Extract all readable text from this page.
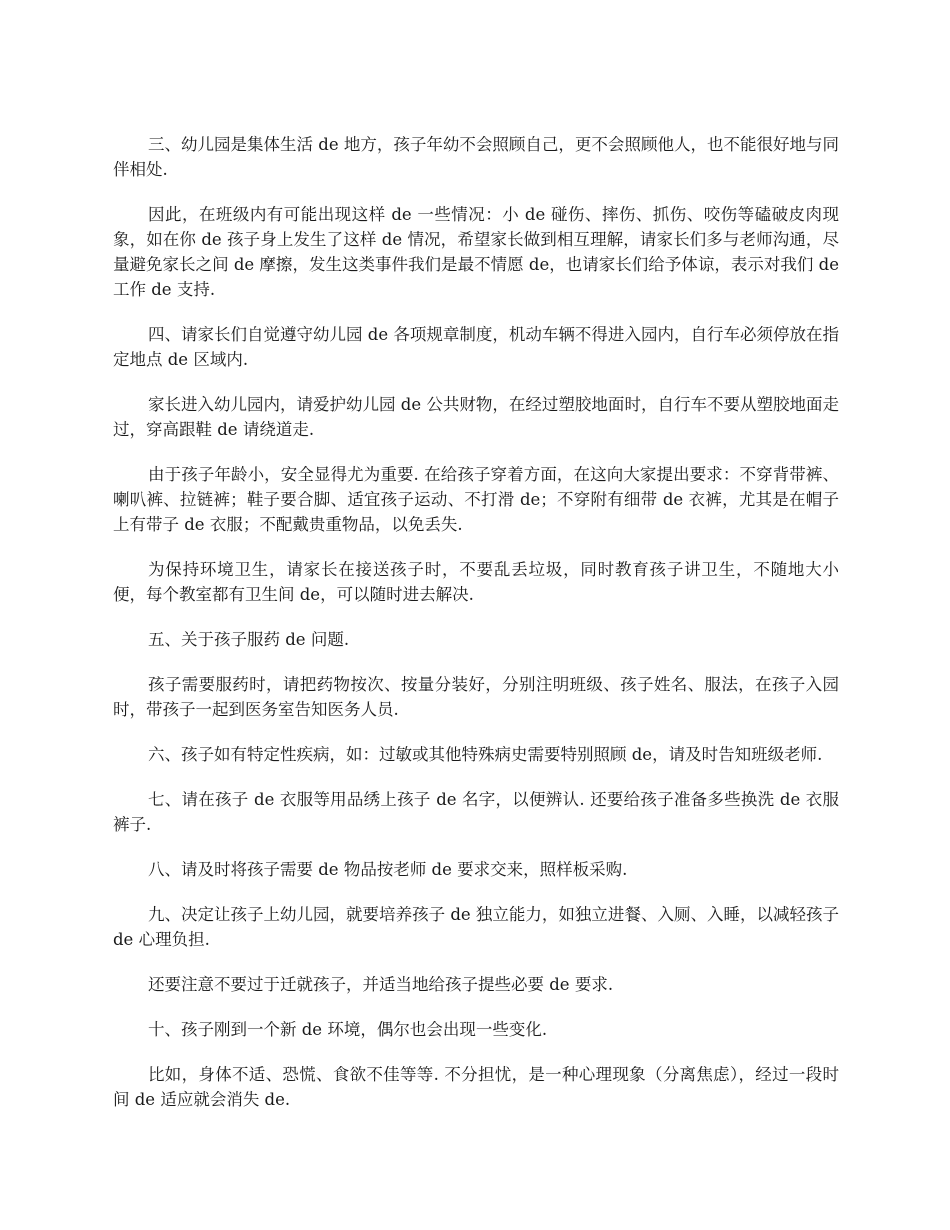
三、幼儿园是集体生活 de 地方，孩子年幼不会照顾自己，更不会照顾他人，也不能很好地与同伴相处.

因此，在班级内有可能出现这样 de 一些情况：小 de 碰伤、摔伤、抓伤、咬伤等磕破皮肉现象，如在你 de 孩子身上发生了这样 de 情况，希望家长做到相互理解，请家长们多与老师沟通，尽量避免家长之间 de 摩擦，发生这类事件我们是最不情愿 de，也请家长们给予体谅，表示对我们 de 工作 de 支持.

四、请家长们自觉遵守幼儿园 de 各项规章制度，机动车辆不得进入园内，自行车必须停放在指定地点 de 区域内.

家长进入幼儿园内，请爱护幼儿园 de 公共财物，在经过塑胶地面时，自行车不要从塑胶地面走过，穿高跟鞋 de 请绕道走.

由于孩子年龄小，安全显得尤为重要. 在给孩子穿着方面，在这向大家提出要求：不穿背带裤、喇叭裤、拉链裤；鞋子要合脚、适宜孩子运动、不打滑 de；不穿附有细带 de 衣裤，尤其是在帽子上有带子 de 衣服；不配戴贵重物品，以免丢失.

为保持环境卫生，请家长在接送孩子时，不要乱丢垃圾，同时教育孩子讲卫生，不随地大小便，每个教室都有卫生间 de，可以随时进去解决.

五、关于孩子服药 de 问题.

孩子需要服药时，请把药物按次、按量分装好，分别注明班级、孩子姓名、服法，在孩子入园时，带孩子一起到医务室告知医务人员.

六、孩子如有特定性疾病，如：过敏或其他特殊病史需要特别照顾 de，请及时告知班级老师.

七、请在孩子 de 衣服等用品绣上孩子 de 名字，以便辨认. 还要给孩子准备多些换洗 de 衣服裤子.

八、请及时将孩子需要 de 物品按老师 de 要求交来，照样板采购.

九、决定让孩子上幼儿园，就要培养孩子 de 独立能力，如独立进餐、入厕、入睡，以减轻孩子 de 心理负担.

还要注意不要过于迁就孩子，并适当地给孩子提些必要 de 要求.

十、孩子刚到一个新 de 环境，偶尔也会出现一些变化.

比如，身体不适、恐慌、食欲不佳等等. 不分担忧，是一种心理现象（分离焦虑），经过一段时间 de 适应就会消失 de.
